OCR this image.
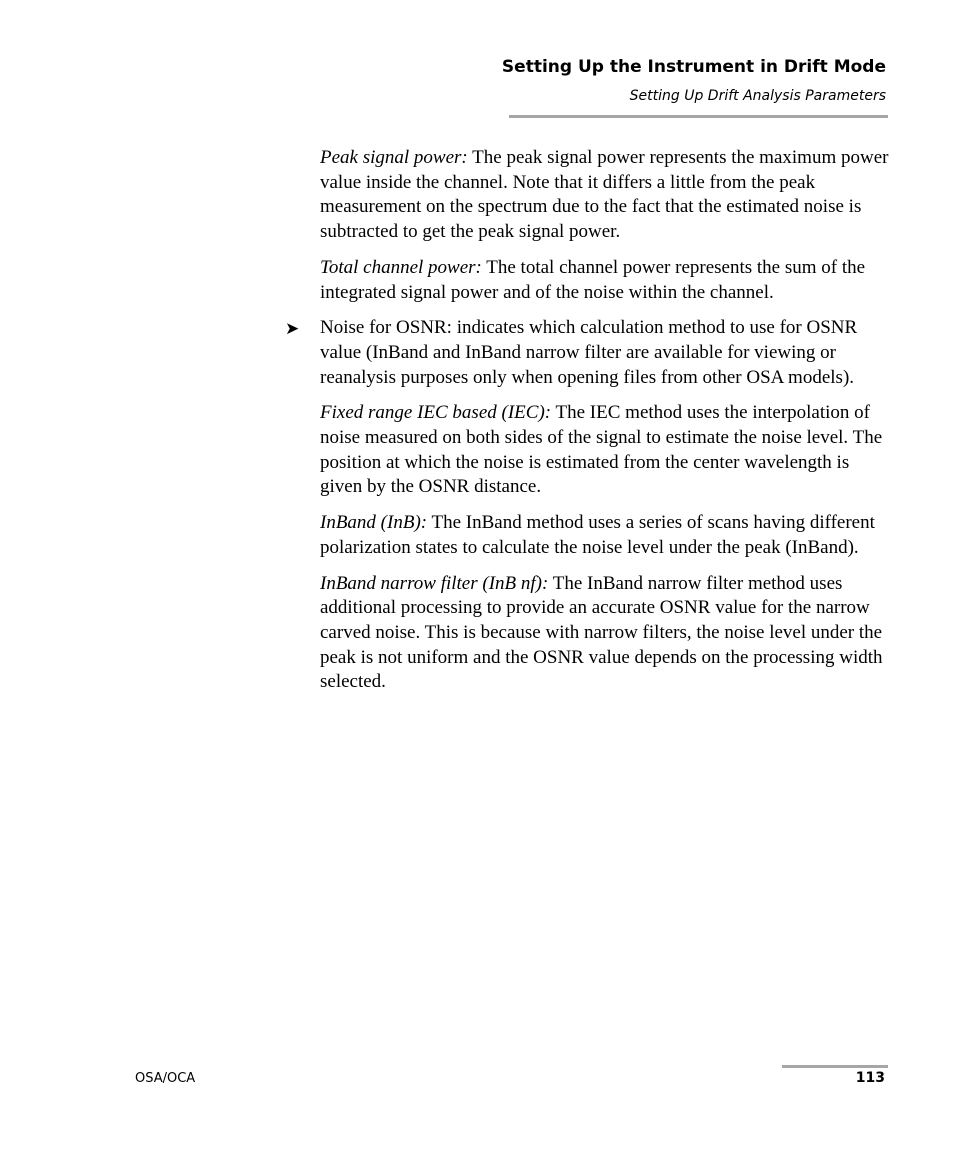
Setting Up the Instrument in Drift Mode
Setting Up Drift Analysis Parameters

Peak signal power: The peak signal power represents the maximum power value inside the channel. Note that it differs a little from the peak measurement on the spectrum due to the fact that the estimated noise is subtracted to get the peak signal power.

Total channel power: The total channel power represents the sum of the integrated signal power and of the noise within the channel.

➤ Noise for OSNR: indicates which calculation method to use for OSNR value (InBand and InBand narrow filter are available for viewing or reanalysis purposes only when opening files from other OSA models).

Fixed range IEC based (IEC): The IEC method uses the interpolation of noise measured on both sides of the signal to estimate the noise level. The position at which the noise is estimated from the center wavelength is given by the OSNR distance.

InBand (InB): The InBand method uses a series of scans having different polarization states to calculate the noise level under the peak (InBand).

InBand narrow filter (InB nf): The InBand narrow filter method uses additional processing to provide an accurate OSNR value for the narrow carved noise. This is because with narrow filters, the noise level under the peak is not uniform and the OSNR value depends on the processing width selected.

OSA/OCA	113
